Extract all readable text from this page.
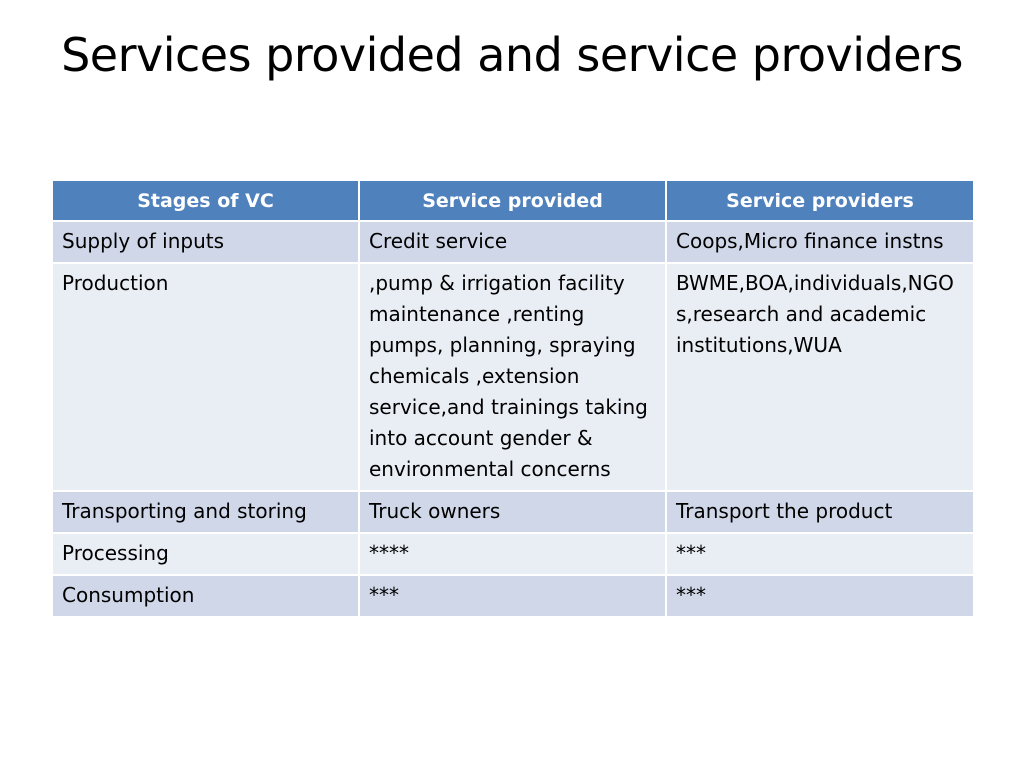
Services provided and service providers
Stages of VC	Service provided	Service providers
Supply of inputs	Credit service	Coops,Micro finance instns
Production	,pump & irrigation facility maintenance ,renting pumps, planning, spraying chemicals ,extension service,and trainings taking into account gender & environmental concerns	BWME,BOA,individuals,NGOs,research and academic institutions,WUA
Transporting and storing	Truck owners	Transport the product
Processing	****	***
Consumption	***	***
